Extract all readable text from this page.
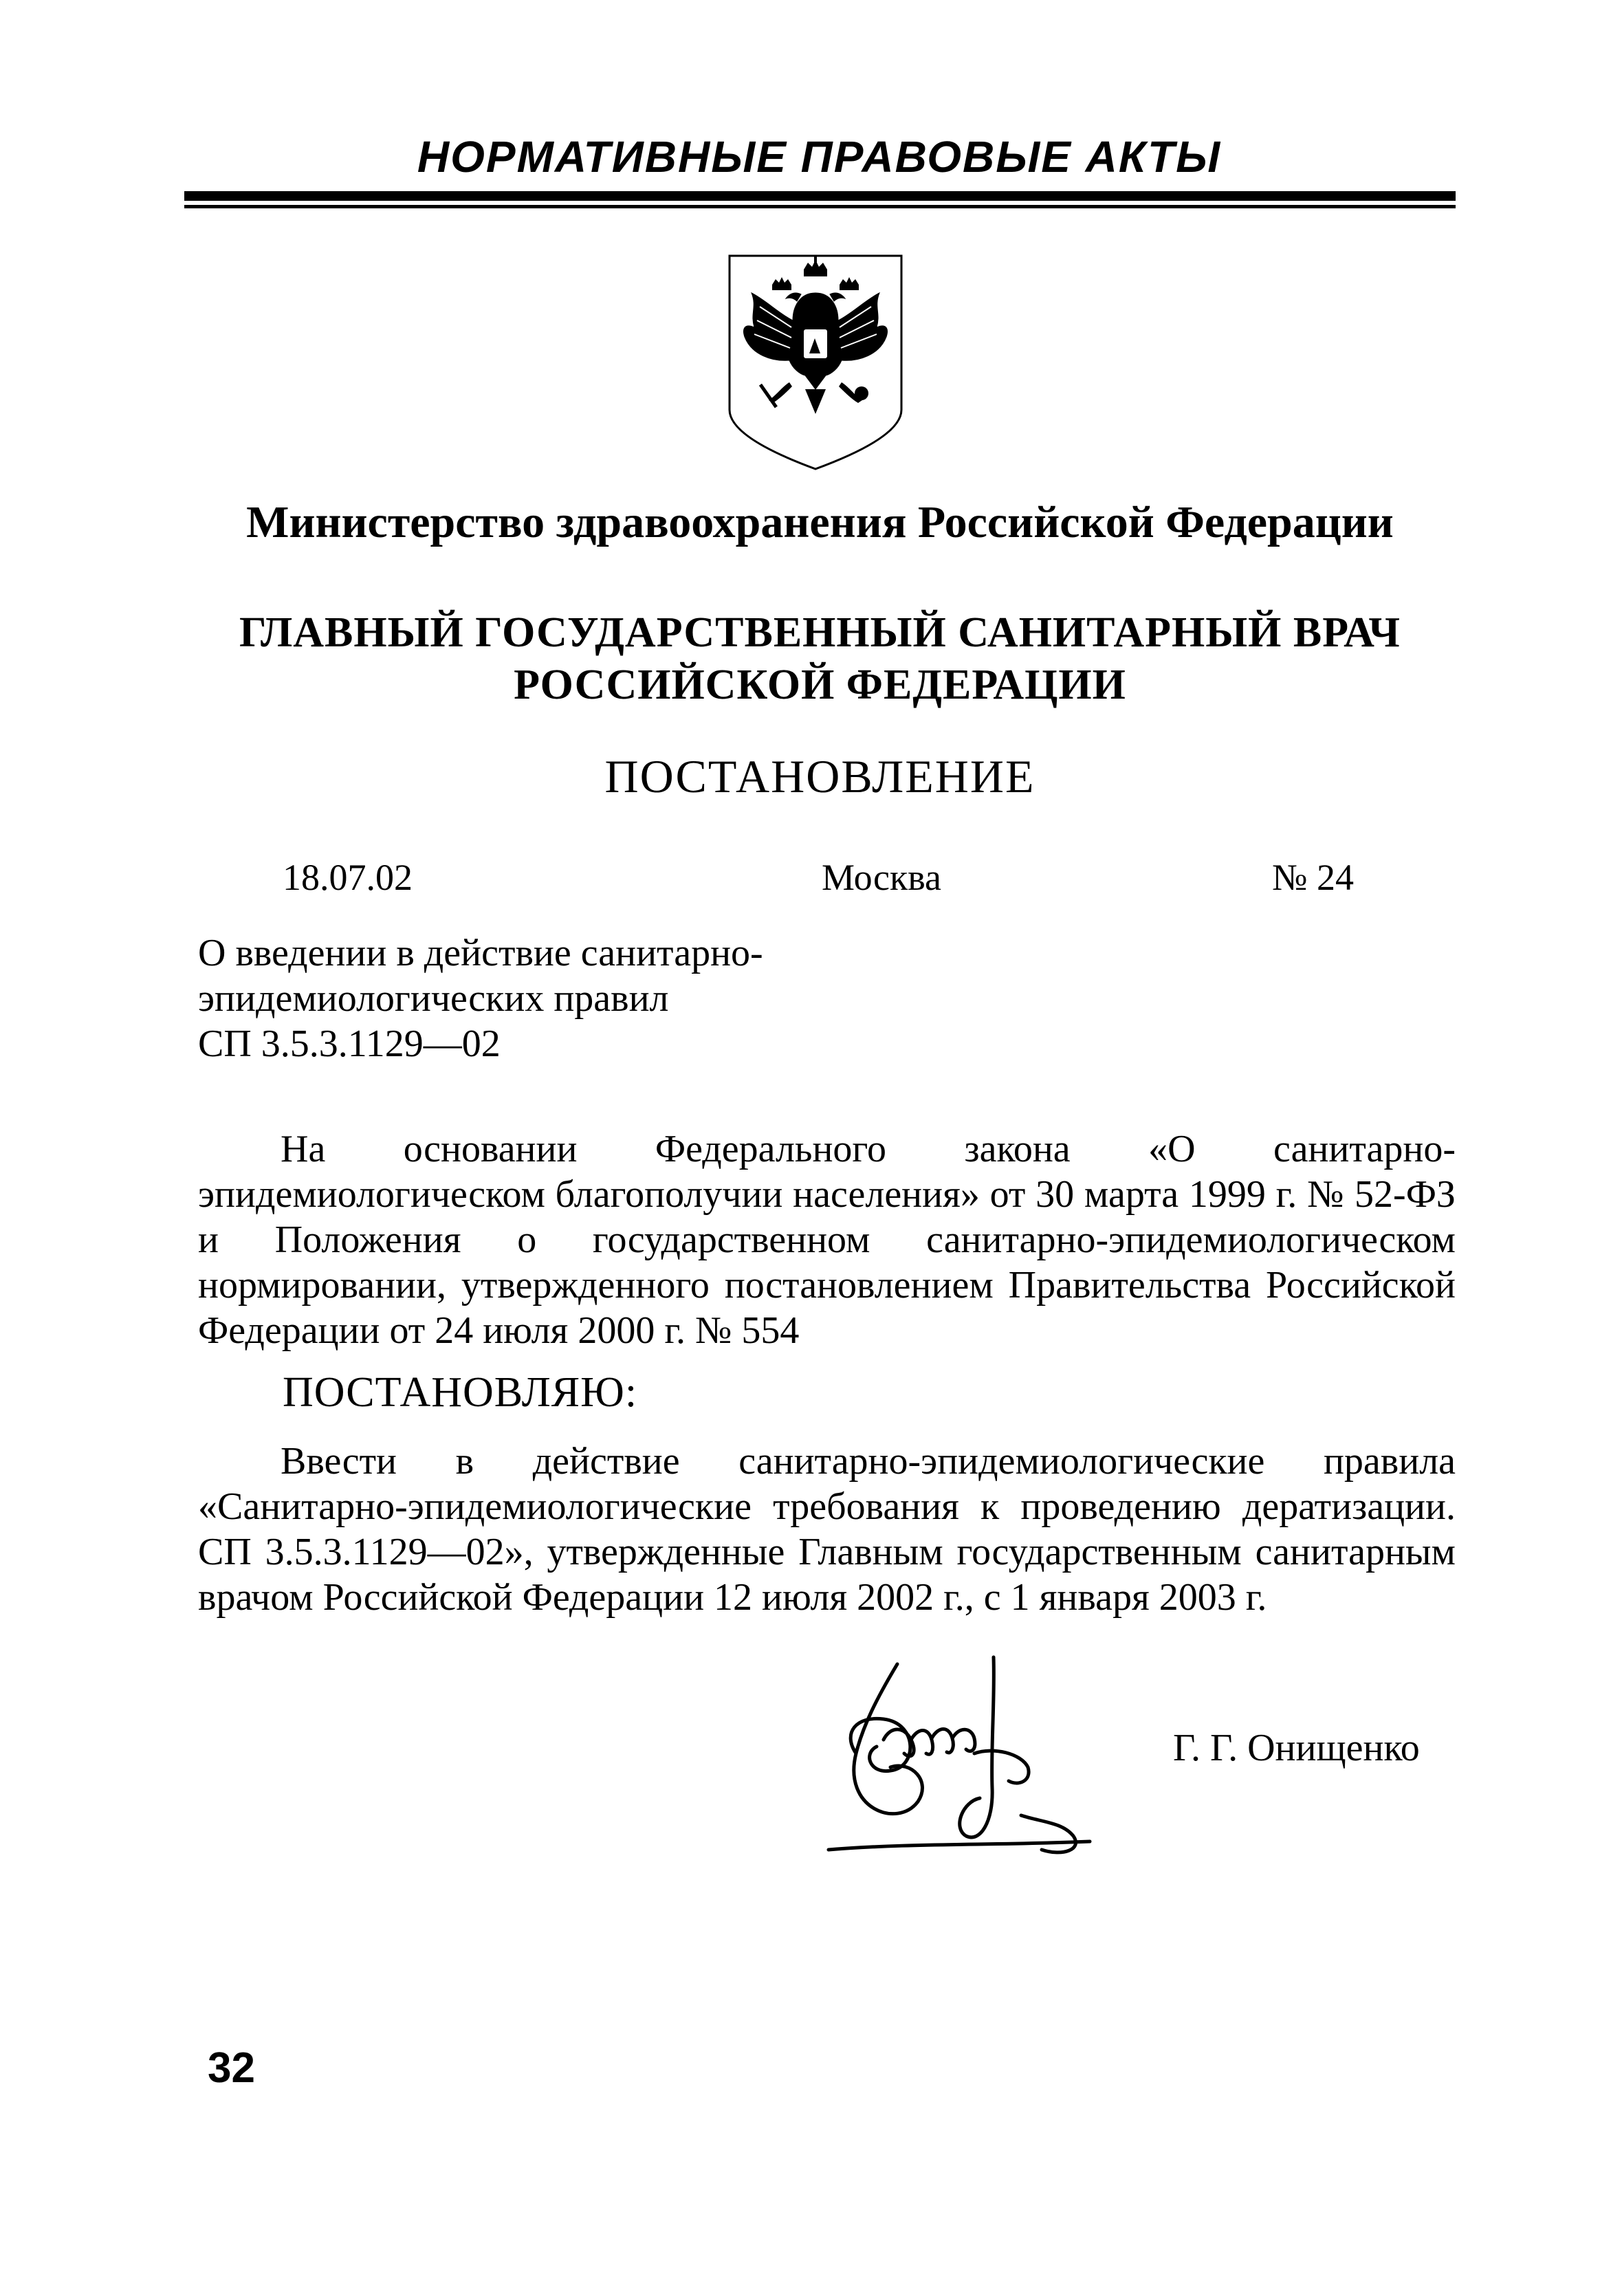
НОРМАТИВНЫЕ ПРАВОВЫЕ АКТЫ
Министерство здравоохранения Российской Федерации
ГЛАВНЫЙ ГОСУДАРСТВЕННЫЙ САНИТАРНЫЙ ВРАЧ
РОССИЙСКОЙ ФЕДЕРАЦИИ
ПОСТАНОВЛЕНИЕ
18.07.02	Москва	№ 24
О введении в действие санитарно-
эпидемиологических правил
СП 3.5.3.1129—02
На основании Федерального закона «О санитарно-эпидемиологическом благополучии населения» от 30 марта 1999 г. № 52-ФЗ и Положения о государственном санитарно-эпидемиологическом нормировании, утвержденного постановлением Правительства Российской Федерации от 24 июля 2000 г. № 554
ПОСТАНОВЛЯЮ:
Ввести в действие санитарно-эпидемиологические правила «Санитарно-эпидемиологические требования к проведению дератизации. СП 3.5.3.1129—02», утвержденные Главным государственным санитарным врачом Российской Федерации 12 июля 2002 г., с 1 января 2003 г.
Г. Г. Онищенко
32
